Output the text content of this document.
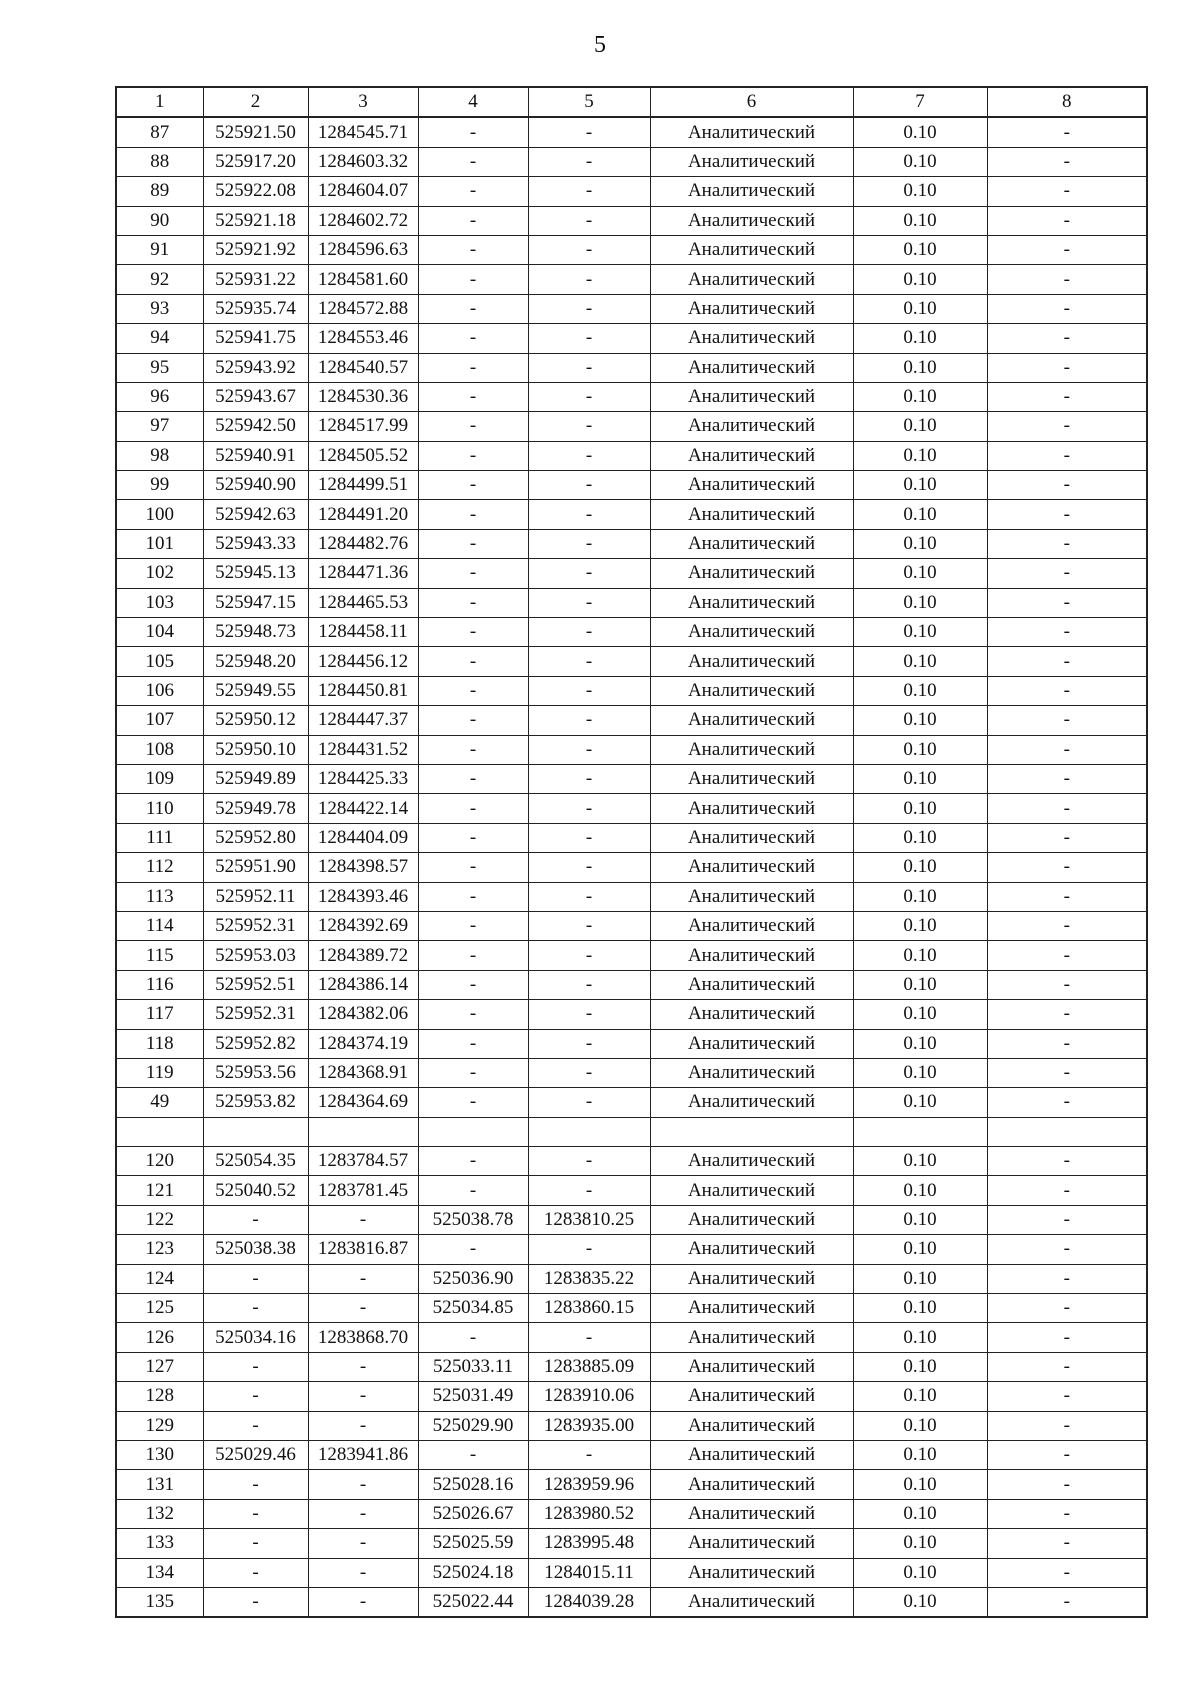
5
1	2	3	4	5	6	7	8
87	525921.50	1284545.71	-	-	Аналитический	0.10	-
88	525917.20	1284603.32	-	-	Аналитический	0.10	-
89	525922.08	1284604.07	-	-	Аналитический	0.10	-
90	525921.18	1284602.72	-	-	Аналитический	0.10	-
91	525921.92	1284596.63	-	-	Аналитический	0.10	-
92	525931.22	1284581.60	-	-	Аналитический	0.10	-
93	525935.74	1284572.88	-	-	Аналитический	0.10	-
94	525941.75	1284553.46	-	-	Аналитический	0.10	-
95	525943.92	1284540.57	-	-	Аналитический	0.10	-
96	525943.67	1284530.36	-	-	Аналитический	0.10	-
97	525942.50	1284517.99	-	-	Аналитический	0.10	-
98	525940.91	1284505.52	-	-	Аналитический	0.10	-
99	525940.90	1284499.51	-	-	Аналитический	0.10	-
100	525942.63	1284491.20	-	-	Аналитический	0.10	-
101	525943.33	1284482.76	-	-	Аналитический	0.10	-
102	525945.13	1284471.36	-	-	Аналитический	0.10	-
103	525947.15	1284465.53	-	-	Аналитический	0.10	-
104	525948.73	1284458.11	-	-	Аналитический	0.10	-
105	525948.20	1284456.12	-	-	Аналитический	0.10	-
106	525949.55	1284450.81	-	-	Аналитический	0.10	-
107	525950.12	1284447.37	-	-	Аналитический	0.10	-
108	525950.10	1284431.52	-	-	Аналитический	0.10	-
109	525949.89	1284425.33	-	-	Аналитический	0.10	-
110	525949.78	1284422.14	-	-	Аналитический	0.10	-
111	525952.80	1284404.09	-	-	Аналитический	0.10	-
112	525951.90	1284398.57	-	-	Аналитический	0.10	-
113	525952.11	1284393.46	-	-	Аналитический	0.10	-
114	525952.31	1284392.69	-	-	Аналитический	0.10	-
115	525953.03	1284389.72	-	-	Аналитический	0.10	-
116	525952.51	1284386.14	-	-	Аналитический	0.10	-
117	525952.31	1284382.06	-	-	Аналитический	0.10	-
118	525952.82	1284374.19	-	-	Аналитический	0.10	-
119	525953.56	1284368.91	-	-	Аналитический	0.10	-
49	525953.82	1284364.69	-	-	Аналитический	0.10	-

120	525054.35	1283784.57	-	-	Аналитический	0.10	-
121	525040.52	1283781.45	-	-	Аналитический	0.10	-
122	-	-	525038.78	1283810.25	Аналитический	0.10	-
123	525038.38	1283816.87	-	-	Аналитический	0.10	-
124	-	-	525036.90	1283835.22	Аналитический	0.10	-
125	-	-	525034.85	1283860.15	Аналитический	0.10	-
126	525034.16	1283868.70	-	-	Аналитический	0.10	-
127	-	-	525033.11	1283885.09	Аналитический	0.10	-
128	-	-	525031.49	1283910.06	Аналитический	0.10	-
129	-	-	525029.90	1283935.00	Аналитический	0.10	-
130	525029.46	1283941.86	-	-	Аналитический	0.10	-
131	-	-	525028.16	1283959.96	Аналитический	0.10	-
132	-	-	525026.67	1283980.52	Аналитический	0.10	-
133	-	-	525025.59	1283995.48	Аналитический	0.10	-
134	-	-	525024.18	1284015.11	Аналитический	0.10	-
135	-	-	525022.44	1284039.28	Аналитический	0.10	-
